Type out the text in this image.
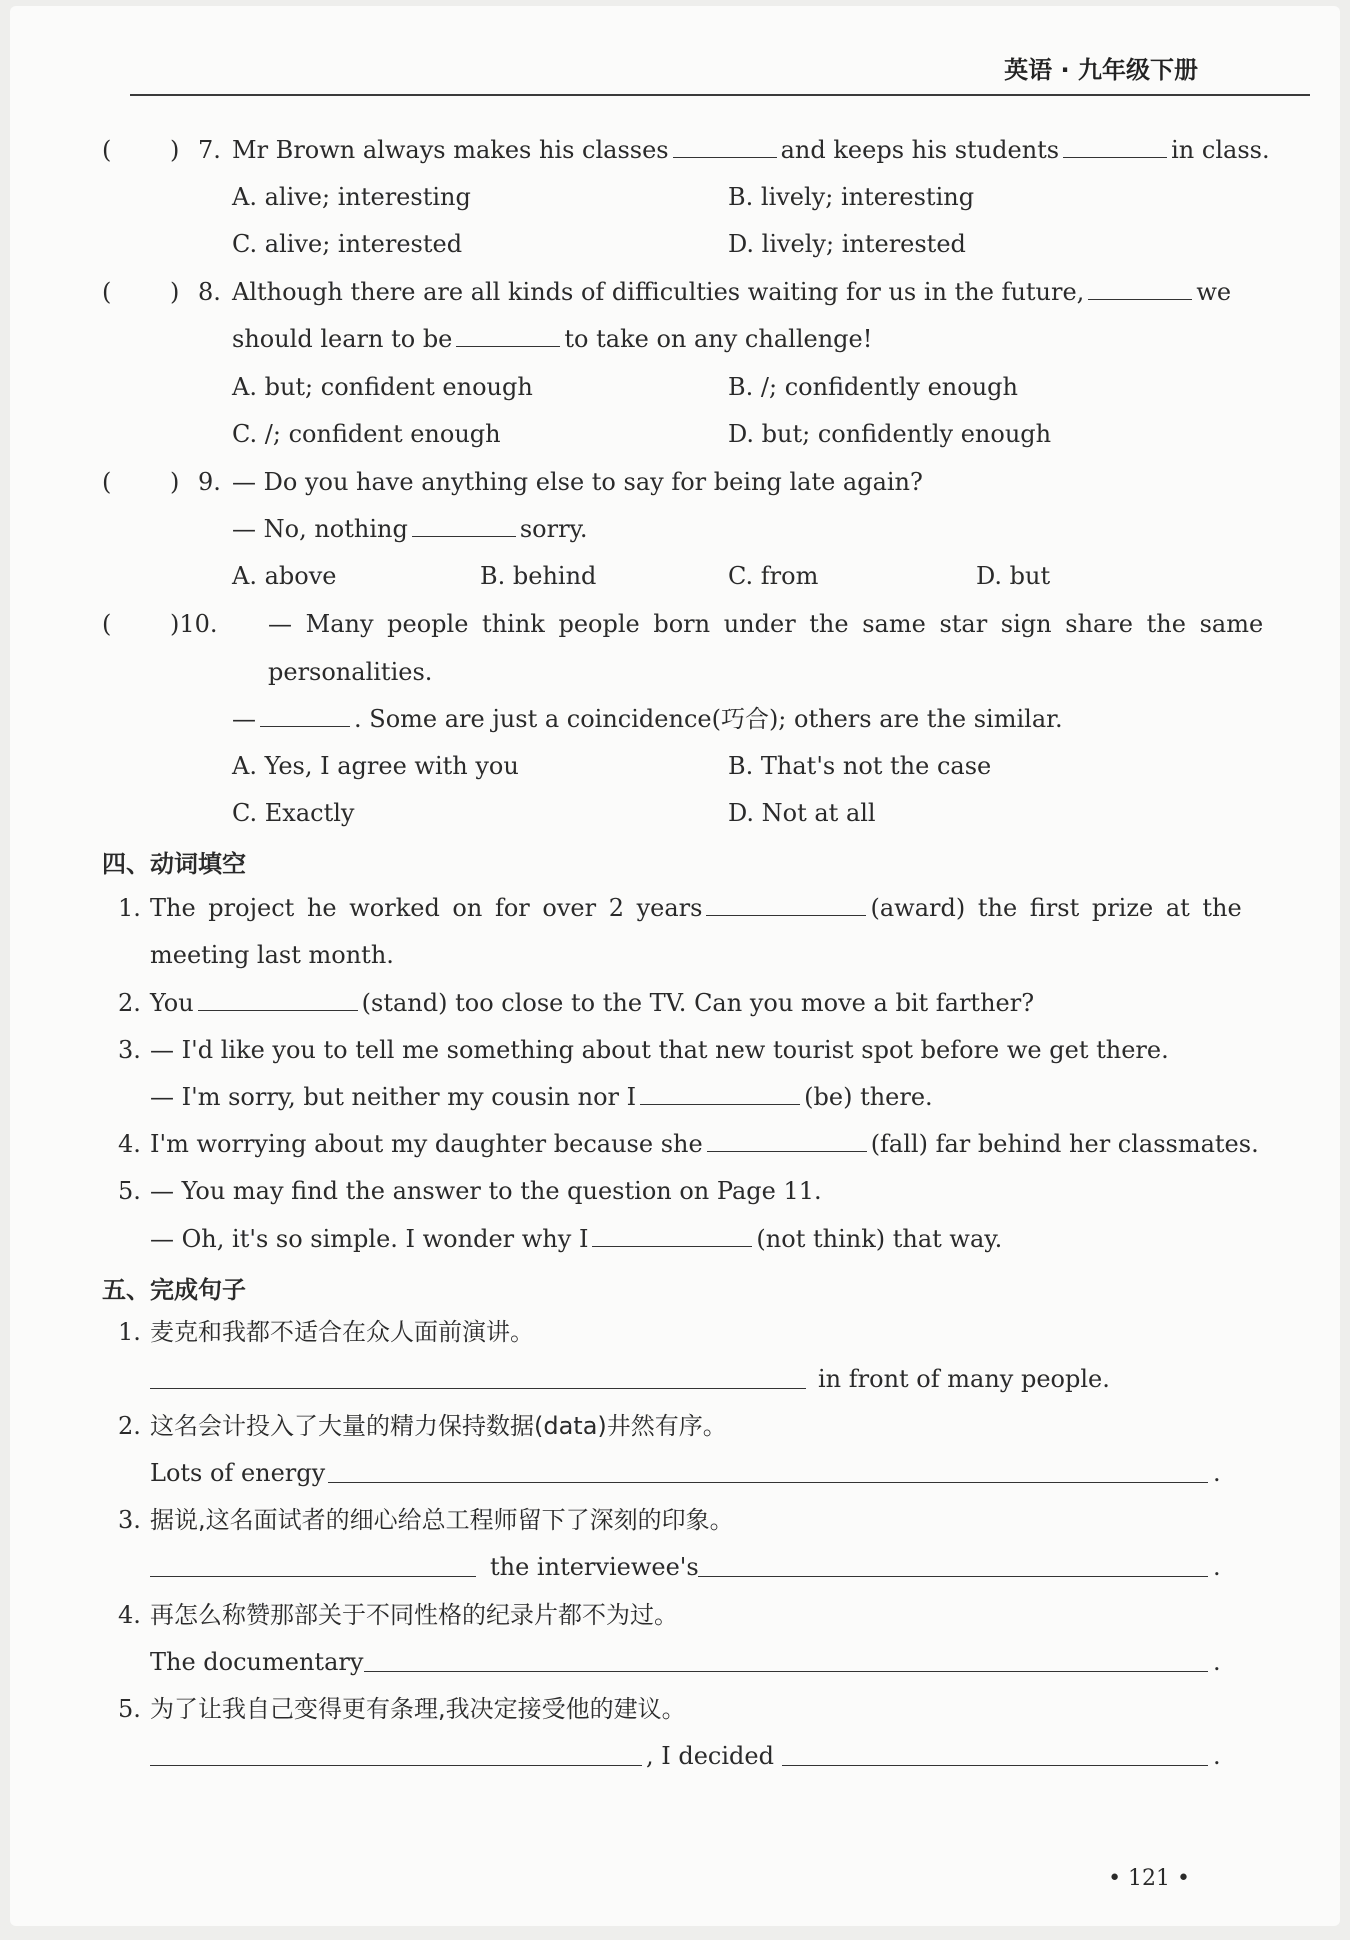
英语 · 九年级下册
( ) 7. Mr Brown always makes his classes	and keeps his students	in class.
A. alive; interesting	B. lively; interesting
C. alive; interested	D. lively; interested
( ) 8. Although there are all kinds of difficulties waiting for us in the future,	we
should learn to be	to take on any challenge!
A. but; confident enough	B. /; confidently enough
C. /; confident enough	D. but; confidently enough
( ) 9. — Do you have anything else to say for being late again?
— No, nothing	sorry.
A. above	B. behind	C. from	D. but
( )10. — Many people think people born under the same star sign share the same
personalities.
—	. Some are just a coincidence(巧合); others are the similar.
A. Yes, I agree with you	B. That's not the case
C. Exactly	D. Not at all
四、动词填空
1. The project he worked on for over 2 years	(award) the first prize at the
meeting last month.
2. You	(stand) too close to the TV. Can you move a bit farther?
3. — I'd like you to tell me something about that new tourist spot before we get there.
— I'm sorry, but neither my cousin nor I	(be) there.
4. I'm worrying about my daughter because she	(fall) far behind her classmates.
5. — You may find the answer to the question on Page 11.
— Oh, it's so simple. I wonder why I	(not think) that way.
五、完成句子
1. 麦克和我都不适合在众人面前演讲。
in front of many people.
2. 这名会计投入了大量的精力保持数据(data)井然有序。
Lots of energy	.
3. 据说,这名面试者的细心给总工程师留下了深刻的印象。
the interviewee's	.
4. 再怎么称赞那部关于不同性格的纪录片都不为过。
The documentary	.
5. 为了让我自己变得更有条理,我决定接受他的建议。
, I decided	.
• 121 •
